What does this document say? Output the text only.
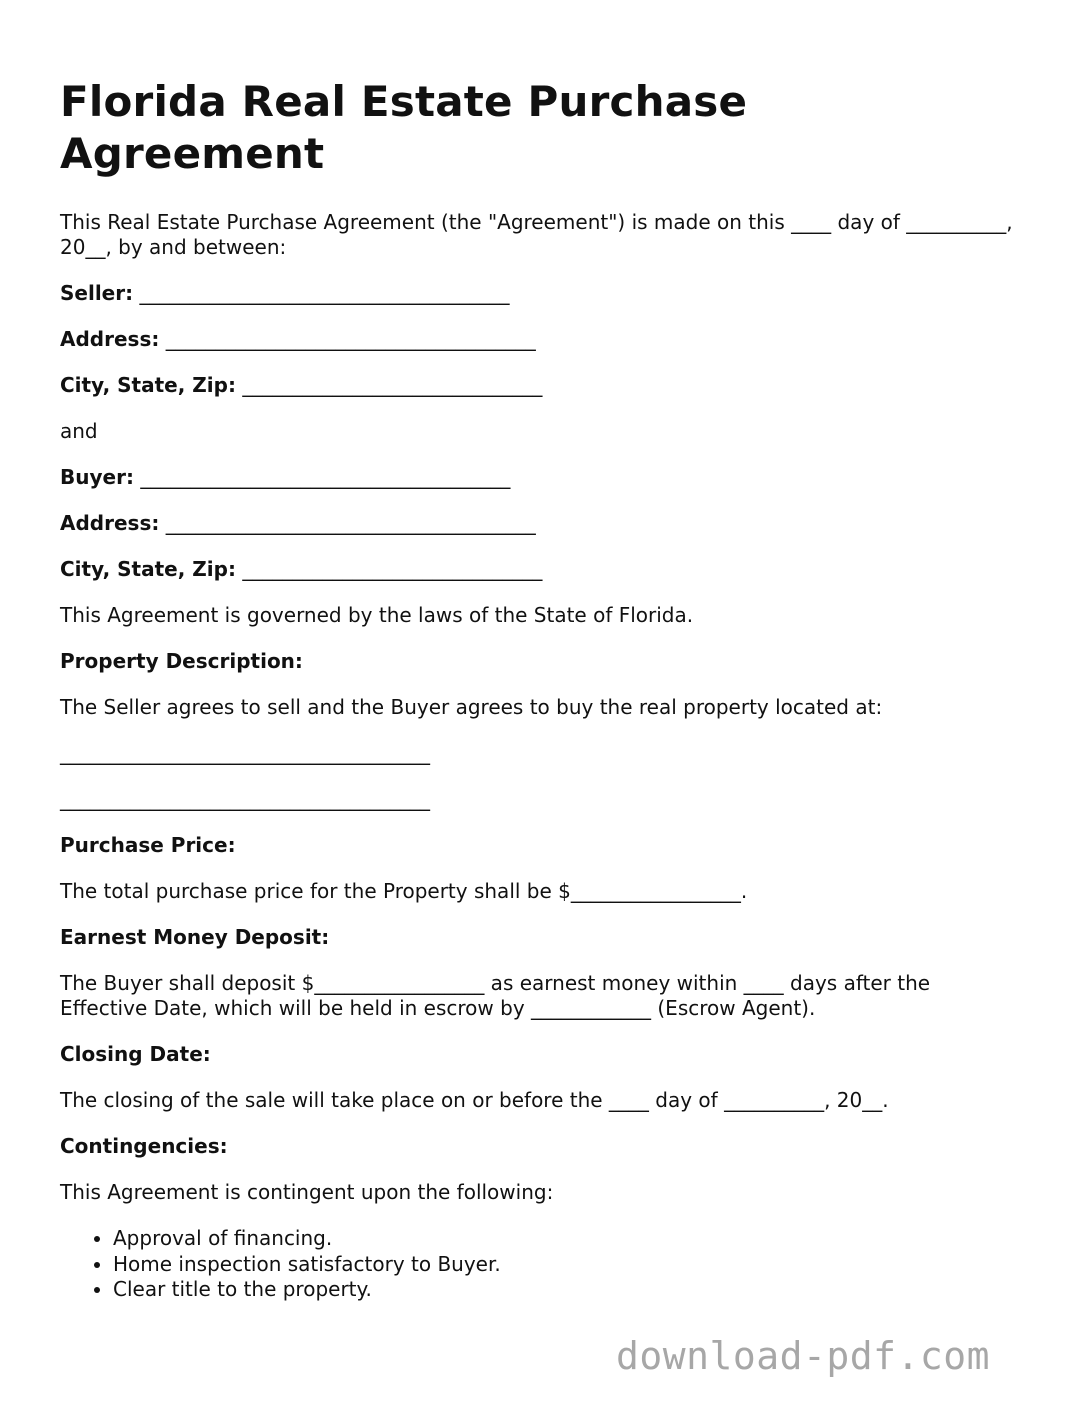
Florida Real Estate Purchase Agreement

This Real Estate Purchase Agreement (the "Agreement") is made on this ____ day of __________, 20__, by and between:

Seller: _____________________________________

Address: _____________________________________

City, State, Zip: ______________________________

and

Buyer: _____________________________________

Address: _____________________________________

City, State, Zip: ______________________________

This Agreement is governed by the laws of the State of Florida.

Property Description:

The Seller agrees to sell and the Buyer agrees to buy the real property located at:

_____________________________________

_____________________________________

Purchase Price:

The total purchase price for the Property shall be $_________________.

Earnest Money Deposit:

The Buyer shall deposit $_________________ as earnest money within ____ days after the Effective Date, which will be held in escrow by ____________ (Escrow Agent).

Closing Date:

The closing of the sale will take place on or before the ____ day of __________, 20__.

Contingencies:

This Agreement is contingent upon the following:

• Approval of financing.
• Home inspection satisfactory to Buyer.
• Clear title to the property.
download-pdf.com
